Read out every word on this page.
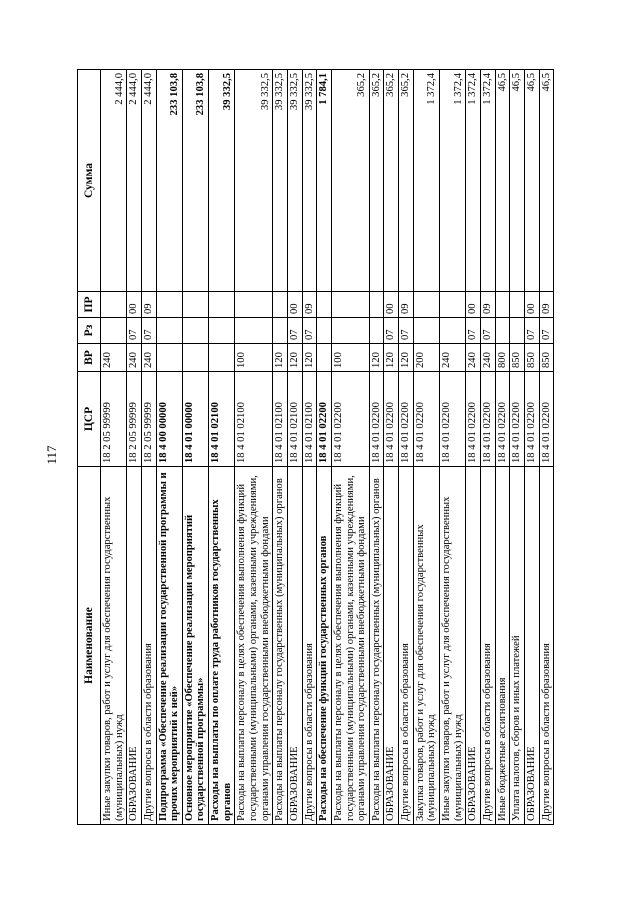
117
Наименование	ЦСР	ВР	Рз	ПР	Сумма
Иные закупки товаров, работ и услуг для обеспечения государственных (муниципальных) нужд	18 2 05 99999	240			2 444,0
ОБРАЗОВАНИЕ	18 2 05 99999	240	07	00	2 444,0
Другие вопросы в области образования	18 2 05 99999	240	07	09	2 444,0
Подпрограмма «Обеспечение реализации государственной программы и прочих мероприятий к ней»	18 4 00 00000				233 103,8
Основное мероприятие «Обеспечение реализации мероприятий государственной программы»	18 4 01 00000				233 103,8
Расходы на выплаты по оплате труда работников государственных органов	18 4 01 02100				39 332,5
Расходы на выплаты персоналу в целях обеспечения выполнения функций государственными (муниципальными) органами, казенными учреждениями, органами управления государственными внебюджетными фондами	18 4 01 02100	100			39 332,5
Расходы на выплаты персоналу государственных (муниципальных) органов	18 4 01 02100	120			39 332,5
ОБРАЗОВАНИЕ	18 4 01 02100	120	07	00	39 332,5
Другие вопросы в области образования	18 4 01 02100	120	07	09	39 332,5
Расходы на обеспечение функций государственных органов	18 4 01 02200				1 784,1
Расходы на выплаты персоналу в целях обеспечения выполнения функций государственными (муниципальными) органами, казенными учреждениями, органами управления государственными внебюджетными фондами	18 4 01 02200	100			365,2
Расходы на выплаты персоналу государственных (муниципальных) органов	18 4 01 02200	120			365,2
ОБРАЗОВАНИЕ	18 4 01 02200	120	07	00	365,2
Другие вопросы в области образования	18 4 01 02200	120	07	09	365,2
Закупка товаров, работ и услуг для обеспечения государственных (муниципальных) нужд	18 4 01 02200	200			1 372,4
Иные закупки товаров, работ и услуг для обеспечения государственных (муниципальных) нужд	18 4 01 02200	240			1 372,4
ОБРАЗОВАНИЕ	18 4 01 02200	240	07	00	1 372,4
Другие вопросы в области образования	18 4 01 02200	240	07	09	1 372,4
Иные бюджетные ассигнования	18 4 01 02200	800			46,5
Уплата налогов, сборов и иных платежей	18 4 01 02200	850			46,5
ОБРАЗОВАНИЕ	18 4 01 02200	850	07	00	46,5
Другие вопросы в области образования	18 4 01 02200	850	07	09	46,5
